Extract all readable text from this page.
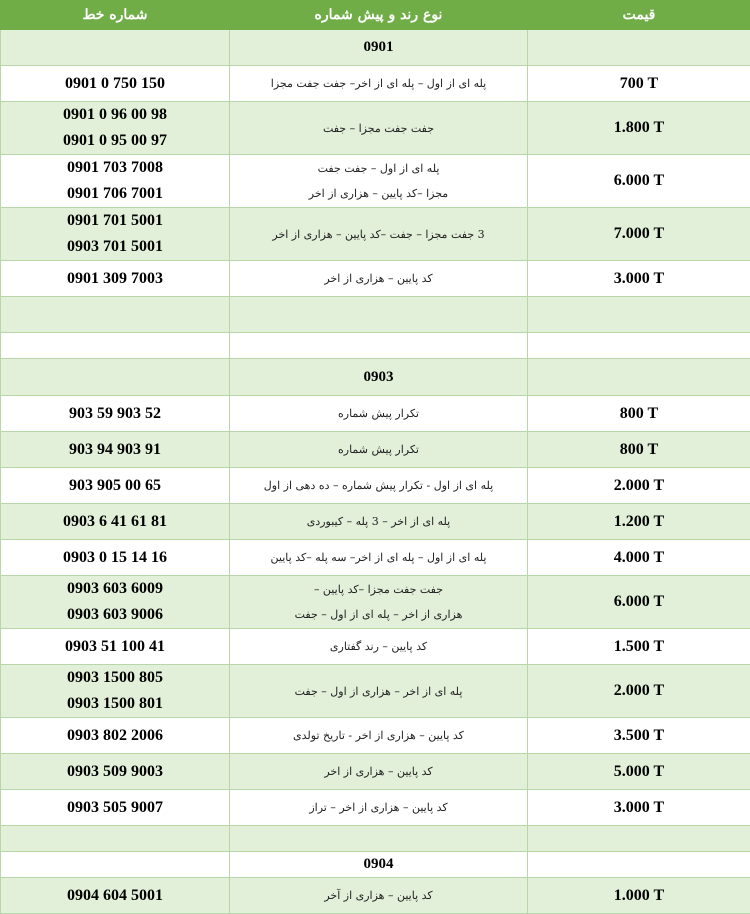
شماره خط	نوع رند و پیش شماره	قیمت
	0901	

0901 0 750 150	پله ای از اول – پله ای از اخر– جفت جفت مجزا	700 T

0901 0 96 00 98
0901 0 95 00 97	جفت جفت مجزا – جفت	1.800 T

0901 703 7008
0901 706 7001	پله ای از اول – جفت جفت
مجزا –کد پایین – هزاری از اخر	6.000 T

0901 701 5001
0903 701 5001	3 جفت مجزا – جفت –کد پایین – هزاری از اخر	7.000 T

0901 309 7003	کد پایین – هزاری از اخر	3.000 T

	0903	

903 59 903 52	تکرار پیش شماره	800 T

903 94 903 91	تکرار پیش شماره	800 T

903 905 00 65	پله ای از اول - تکرار پیش شماره – ده دهی از اول	2.000 T

0903 6 41 61 81	پله ای از اخر – 3 پله – کیبوردی	1.200 T

0903 0 15 14 16	پله ای از اول – پله ای از اخر– سه پله –کد پایین	4.000 T

0903 603 6009
0903 603 9006	جفت جفت مجزا –کد پایین –
هزاری از اخر – پله ای از اول – جفت	6.000 T

0903 51 100 41	کد پایین – رند گفتاری	1.500 T

0903 1500 805
0903 1500 801	پله ای از اخر – هزاری از اول – جفت	2.000 T

0903 802 2006	کد پایین – هزاری از اخر - تاریخ تولدی	3.500 T

0903 509 9003	کد پایین – هزاری از اخر	5.000 T

0903 505 9007	کد پایین – هزاری از اخر – تراز	3.000 T

	0904	

0904 604 5001	کد پایین – هزاری از آخر	1.000 T
